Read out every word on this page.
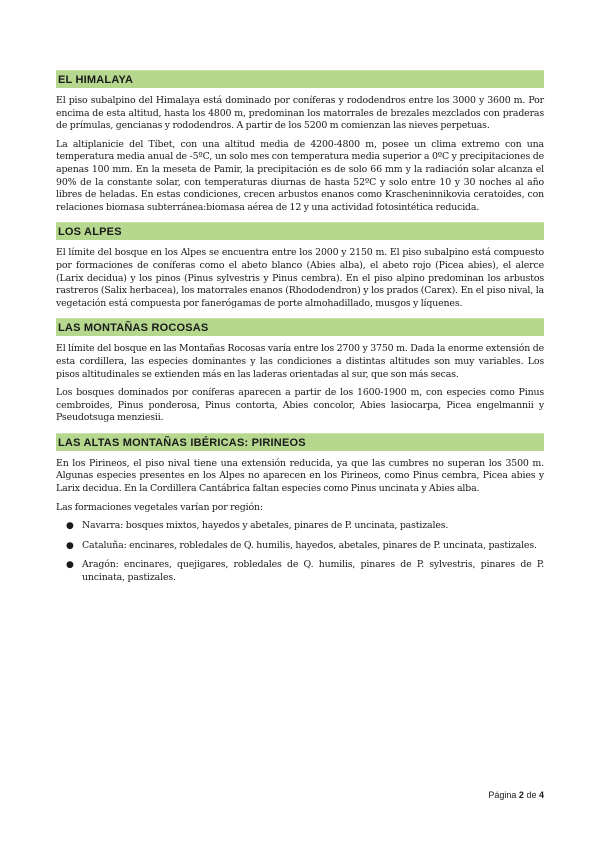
EL HIMALAYA

El piso subalpino del Himalaya está dominado por coníferas y rododendros entre los 3000 y 3600 m. Por encima de esta altitud, hasta los 4800 m, predominan los matorrales de brezales mezclados con praderas de prímulas, gencianas y rododendros. A partir de los 5200 m comienzan las nieves perpetuas.

La altiplanicie del Tíbet, con una altitud media de 4200-4800 m, posee un clima extremo con una temperatura media anual de -5ºC, un solo mes con temperatura media superior a 0ºC y precipitaciones de apenas 100 mm. En la meseta de Pamir, la precipitación es de solo 66 mm y la radiación solar alcanza el 90% de la constante solar, con temperaturas diurnas de hasta 52ºC y solo entre 10 y 30 noches al año libres de heladas. En estas condiciones, crecen arbustos enanos como Krascheninnikovia ceratoides, con relaciones biomasa subterránea:biomasa aérea de 12 y una actividad fotosintética reducida.

LOS ALPES

El límite del bosque en los Alpes se encuentra entre los 2000 y 2150 m. El piso subalpino está compuesto por formaciones de coníferas como el abeto blanco (Abies alba), el abeto rojo (Picea abies), el alerce (Larix decidua) y los pinos (Pinus sylvestris y Pinus cembra). En el piso alpino predominan los arbustos rastreros (Salix herbacea), los matorrales enanos (Rhododendron) y los prados (Carex). En el piso nival, la vegetación está compuesta por fanerógamas de porte almohadillado, musgos y líquenes.

LAS MONTAÑAS ROCOSAS

El límite del bosque en las Montañas Rocosas varía entre los 2700 y 3750 m. Dada la enorme extensión de esta cordillera, las especies dominantes y las condiciones a distintas altitudes son muy variables. Los pisos altitudinales se extienden más en las laderas orientadas al sur, que son más secas.

Los bosques dominados por coníferas aparecen a partir de los 1600-1900 m, con especies como Pinus cembroides, Pinus ponderosa, Pinus contorta, Abies concolor, Abies lasiocarpa, Picea engelmannii y Pseudotsuga menziesii.

LAS ALTAS MONTAÑAS IBÉRICAS: PIRINEOS

En los Pirineos, el piso nival tiene una extensión reducida, ya que las cumbres no superan los 3500 m. Algunas especies presentes en los Alpes no aparecen en los Pirineos, como Pinus cembra, Picea abies y Larix decidua. En la Cordillera Cantábrica faltan especies como Pinus uncinata y Abies alba.

Las formaciones vegetales varían por región:

● Navarra: bosques mixtos, hayedos y abetales, pinares de P. uncinata, pastizales.

● Cataluña: encinares, robledales de Q. humilis, hayedos, abetales, pinares de P. uncinata, pastizales.

● Aragón: encinares, quejigares, robledales de Q. humilis, pinares de P. sylvestris, pinares de P. uncinata, pastizales.

Página 2 de 4
